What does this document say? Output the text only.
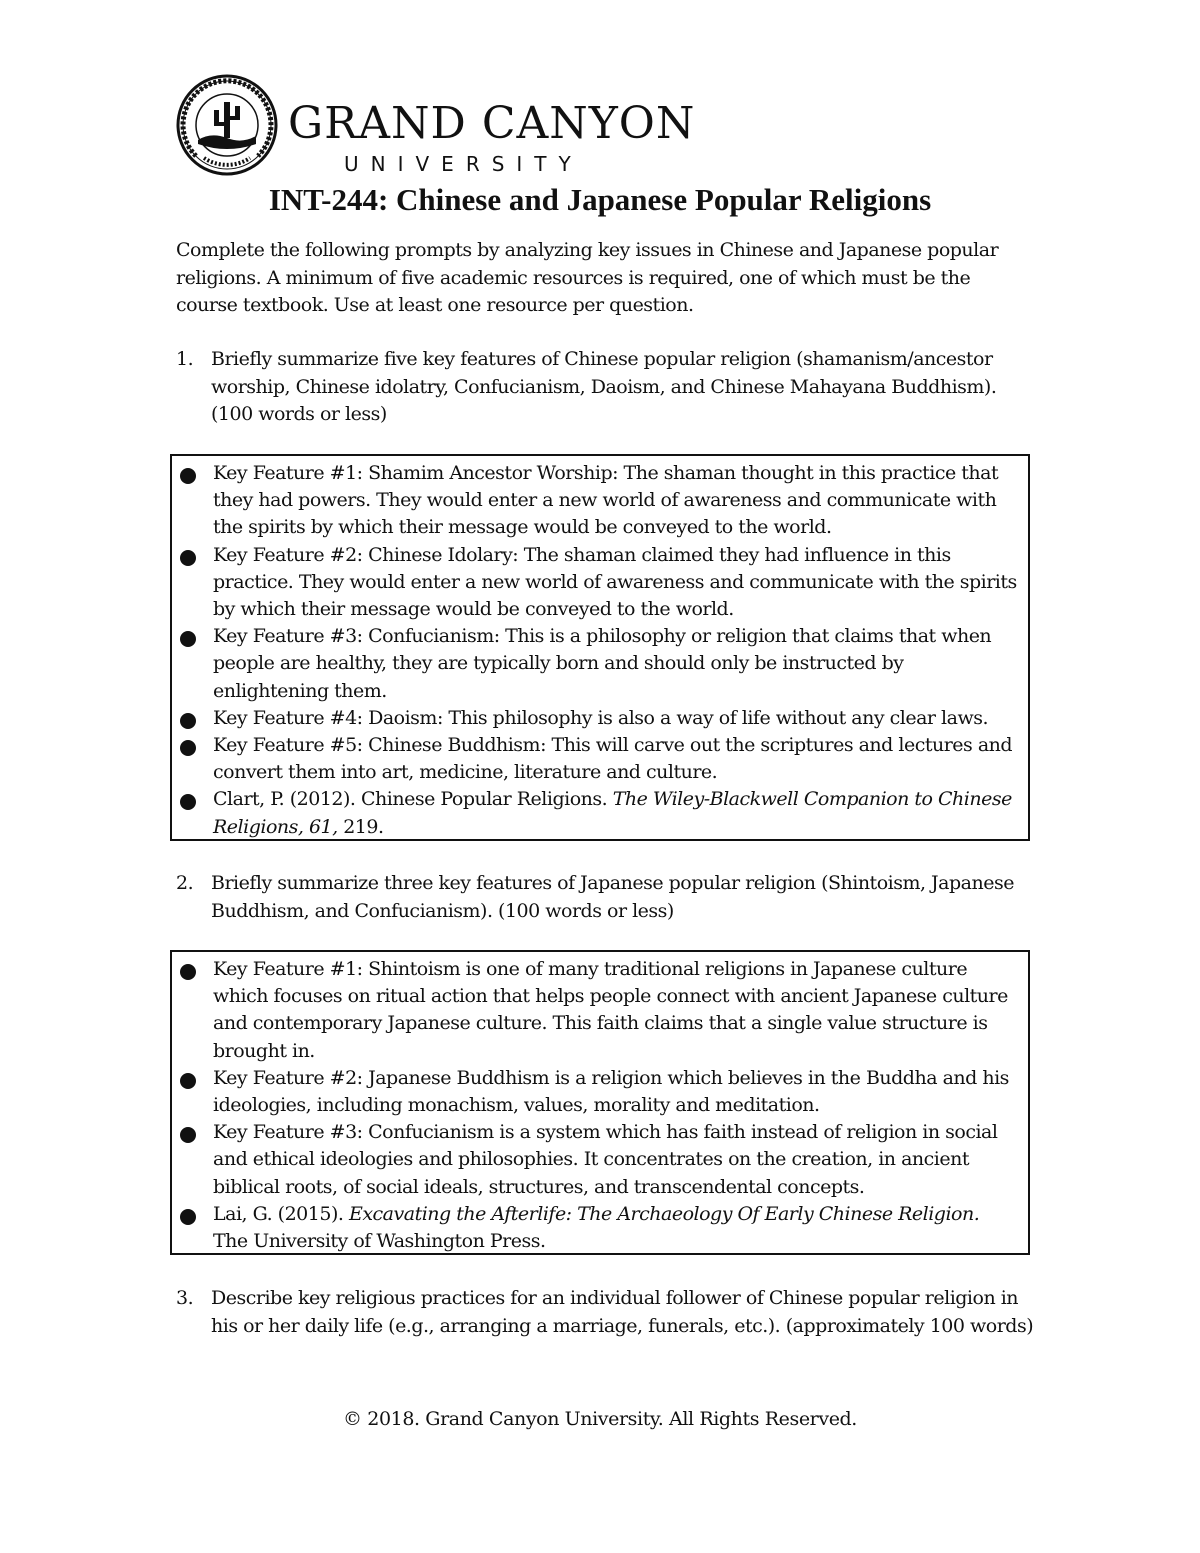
GRAND CANYON
UNIVERSITY
INT-244: Chinese and Japanese Popular Religions
Complete the following prompts by analyzing key issues in Chinese and Japanese popular religions. A minimum of five academic resources is required, one of which must be the course textbook. Use at least one resource per question.
1. Briefly summarize five key features of Chinese popular religion (shamanism/ancestor worship, Chinese idolatry, Confucianism, Daoism, and Chinese Mahayana Buddhism). (100 words or less)
Key Feature #1: Shamim Ancestor Worship: The shaman thought in this practice that they had powers. They would enter a new world of awareness and communicate with the spirits by which their message would be conveyed to the world.
Key Feature #2: Chinese Idolary: The shaman claimed they had influence in this practice. They would enter a new world of awareness and communicate with the spirits by which their message would be conveyed to the world.
Key Feature #3: Confucianism: This is a philosophy or religion that claims that when people are healthy, they are typically born and should only be instructed by enlightening them.
Key Feature #4: Daoism: This philosophy is also a way of life without any clear laws.
Key Feature #5: Chinese Buddhism: This will carve out the scriptures and lectures and convert them into art, medicine, literature and culture.
Clart, P. (2012). Chinese Popular Religions. The Wiley-Blackwell Companion to Chinese Religions, 61, 219.
2. Briefly summarize three key features of Japanese popular religion (Shintoism, Japanese Buddhism, and Confucianism). (100 words or less)
Key Feature #1: Shintoism is one of many traditional religions in Japanese culture which focuses on ritual action that helps people connect with ancient Japanese culture and contemporary Japanese culture. This faith claims that a single value structure is brought in.
Key Feature #2: Japanese Buddhism is a religion which believes in the Buddha and his ideologies, including monachism, values, morality and meditation.
Key Feature #3: Confucianism is a system which has faith instead of religion in social and ethical ideologies and philosophies. It concentrates on the creation, in ancient biblical roots, of social ideals, structures, and transcendental concepts.
Lai, G. (2015). Excavating the Afterlife: The Archaeology Of Early Chinese Religion. The University of Washington Press.
3. Describe key religious practices for an individual follower of Chinese popular religion in his or her daily life (e.g., arranging a marriage, funerals, etc.). (approximately 100 words)
© 2018. Grand Canyon University. All Rights Reserved.
